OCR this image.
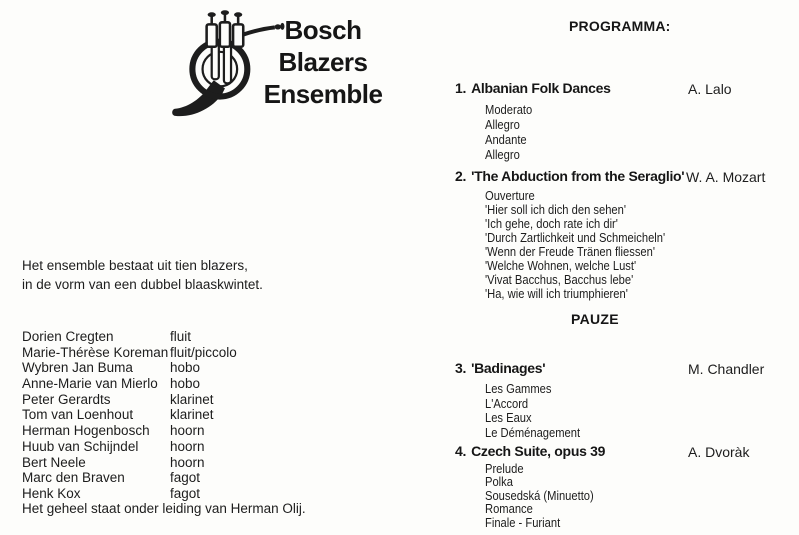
Bosch
Blazers
Ensemble
Het ensemble bestaat uit tien blazers,
in de vorm van een dubbel blaaskwintet.
Dorien Cregten	fluit
Marie-Thérèse Koreman fluit/piccolo
Wybren Jan Buma	hobo
Anne-Marie van Mierlo hobo
Peter Gerardts	klarinet
Tom van Loenhout	klarinet
Herman Hogenbosch	hoorn
Huub van Schijndel	hoorn
Bert Neele	hoorn
Marc den Braven	fagot
Henk Kox	fagot
Het geheel staat onder leiding van Herman Olij.
PROGRAMMA:
1. Albanian Folk Dances	A. Lalo
Moderato
Allegro
Andante
Allegro
2. 'The Abduction from the Seraglio' W. A. Mozart
Ouverture
'Hier soll ich dich den sehen'
'Ich gehe, doch rate ich dir'
'Durch Zartlichkeit und Schmeicheln'
'Wenn der Freude Tränen fliessen'
'Welche Wohnen, welche Lust'
'Vivat Bacchus, Bacchus lebe'
'Ha, wie will ich triumphieren'
PAUZE
3. 'Badinages'	M. Chandler
Les Gammes
L'Accord
Les Eaux
Le Déménagement
4. Czech Suite, opus 39	A. Dvoràk
Prelude
Polka
Sousedská (Minuetto)
Romance
Finale - Furiant
